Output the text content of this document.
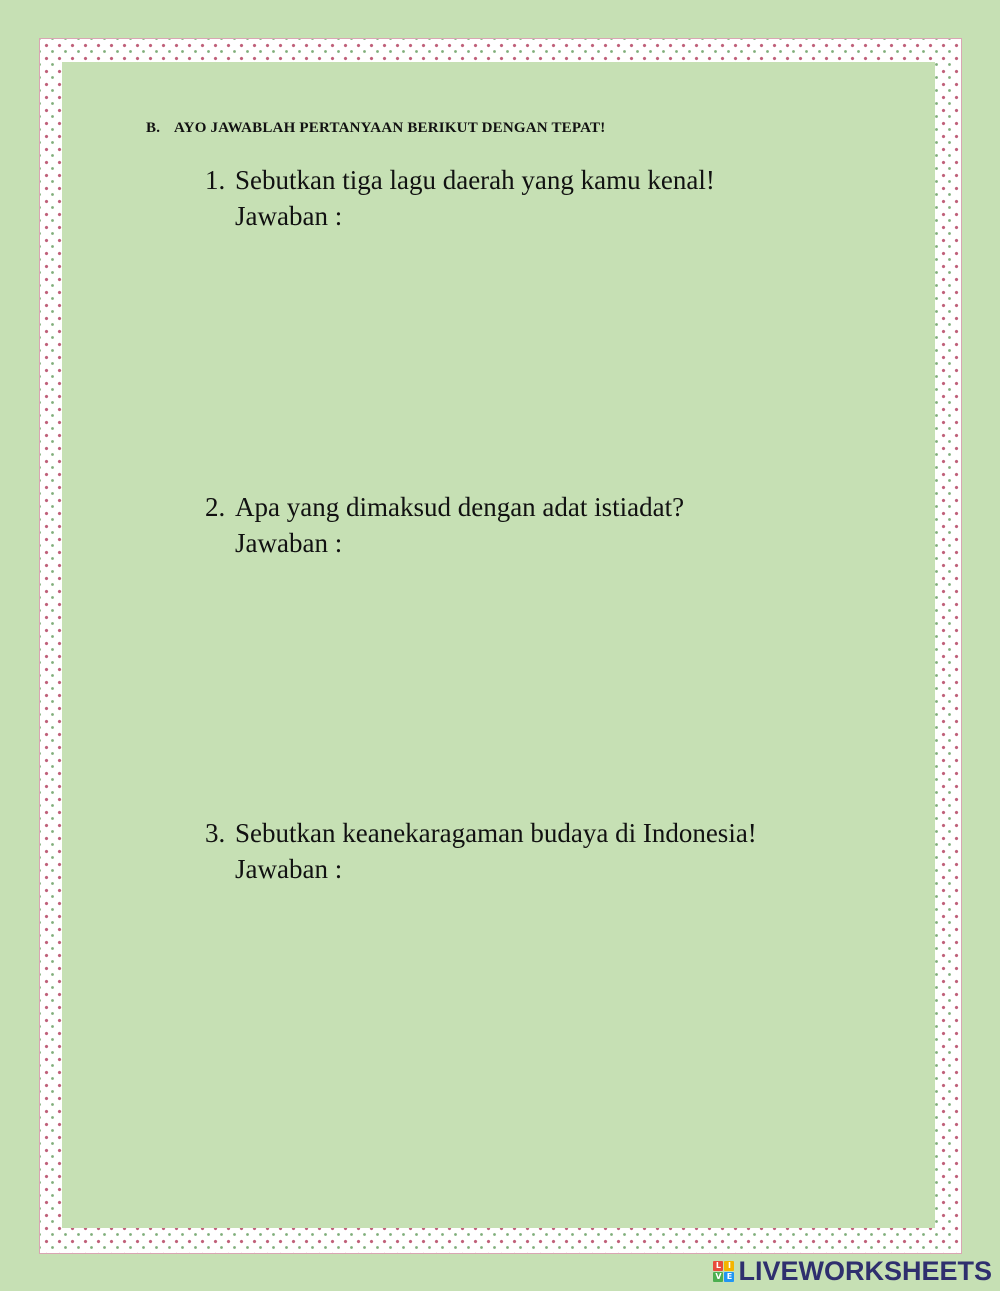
B. AYO JAWABLAH PERTANYAAN BERIKUT DENGAN TEPAT!
1. Sebutkan tiga lagu daerah yang kamu kenal!
Jawaban :
2. Apa yang dimaksud dengan adat istiadat?
Jawaban :
3. Sebutkan keanekaragaman budaya di Indonesia!
Jawaban :
L I
V E LIVEWORKSHEETS
